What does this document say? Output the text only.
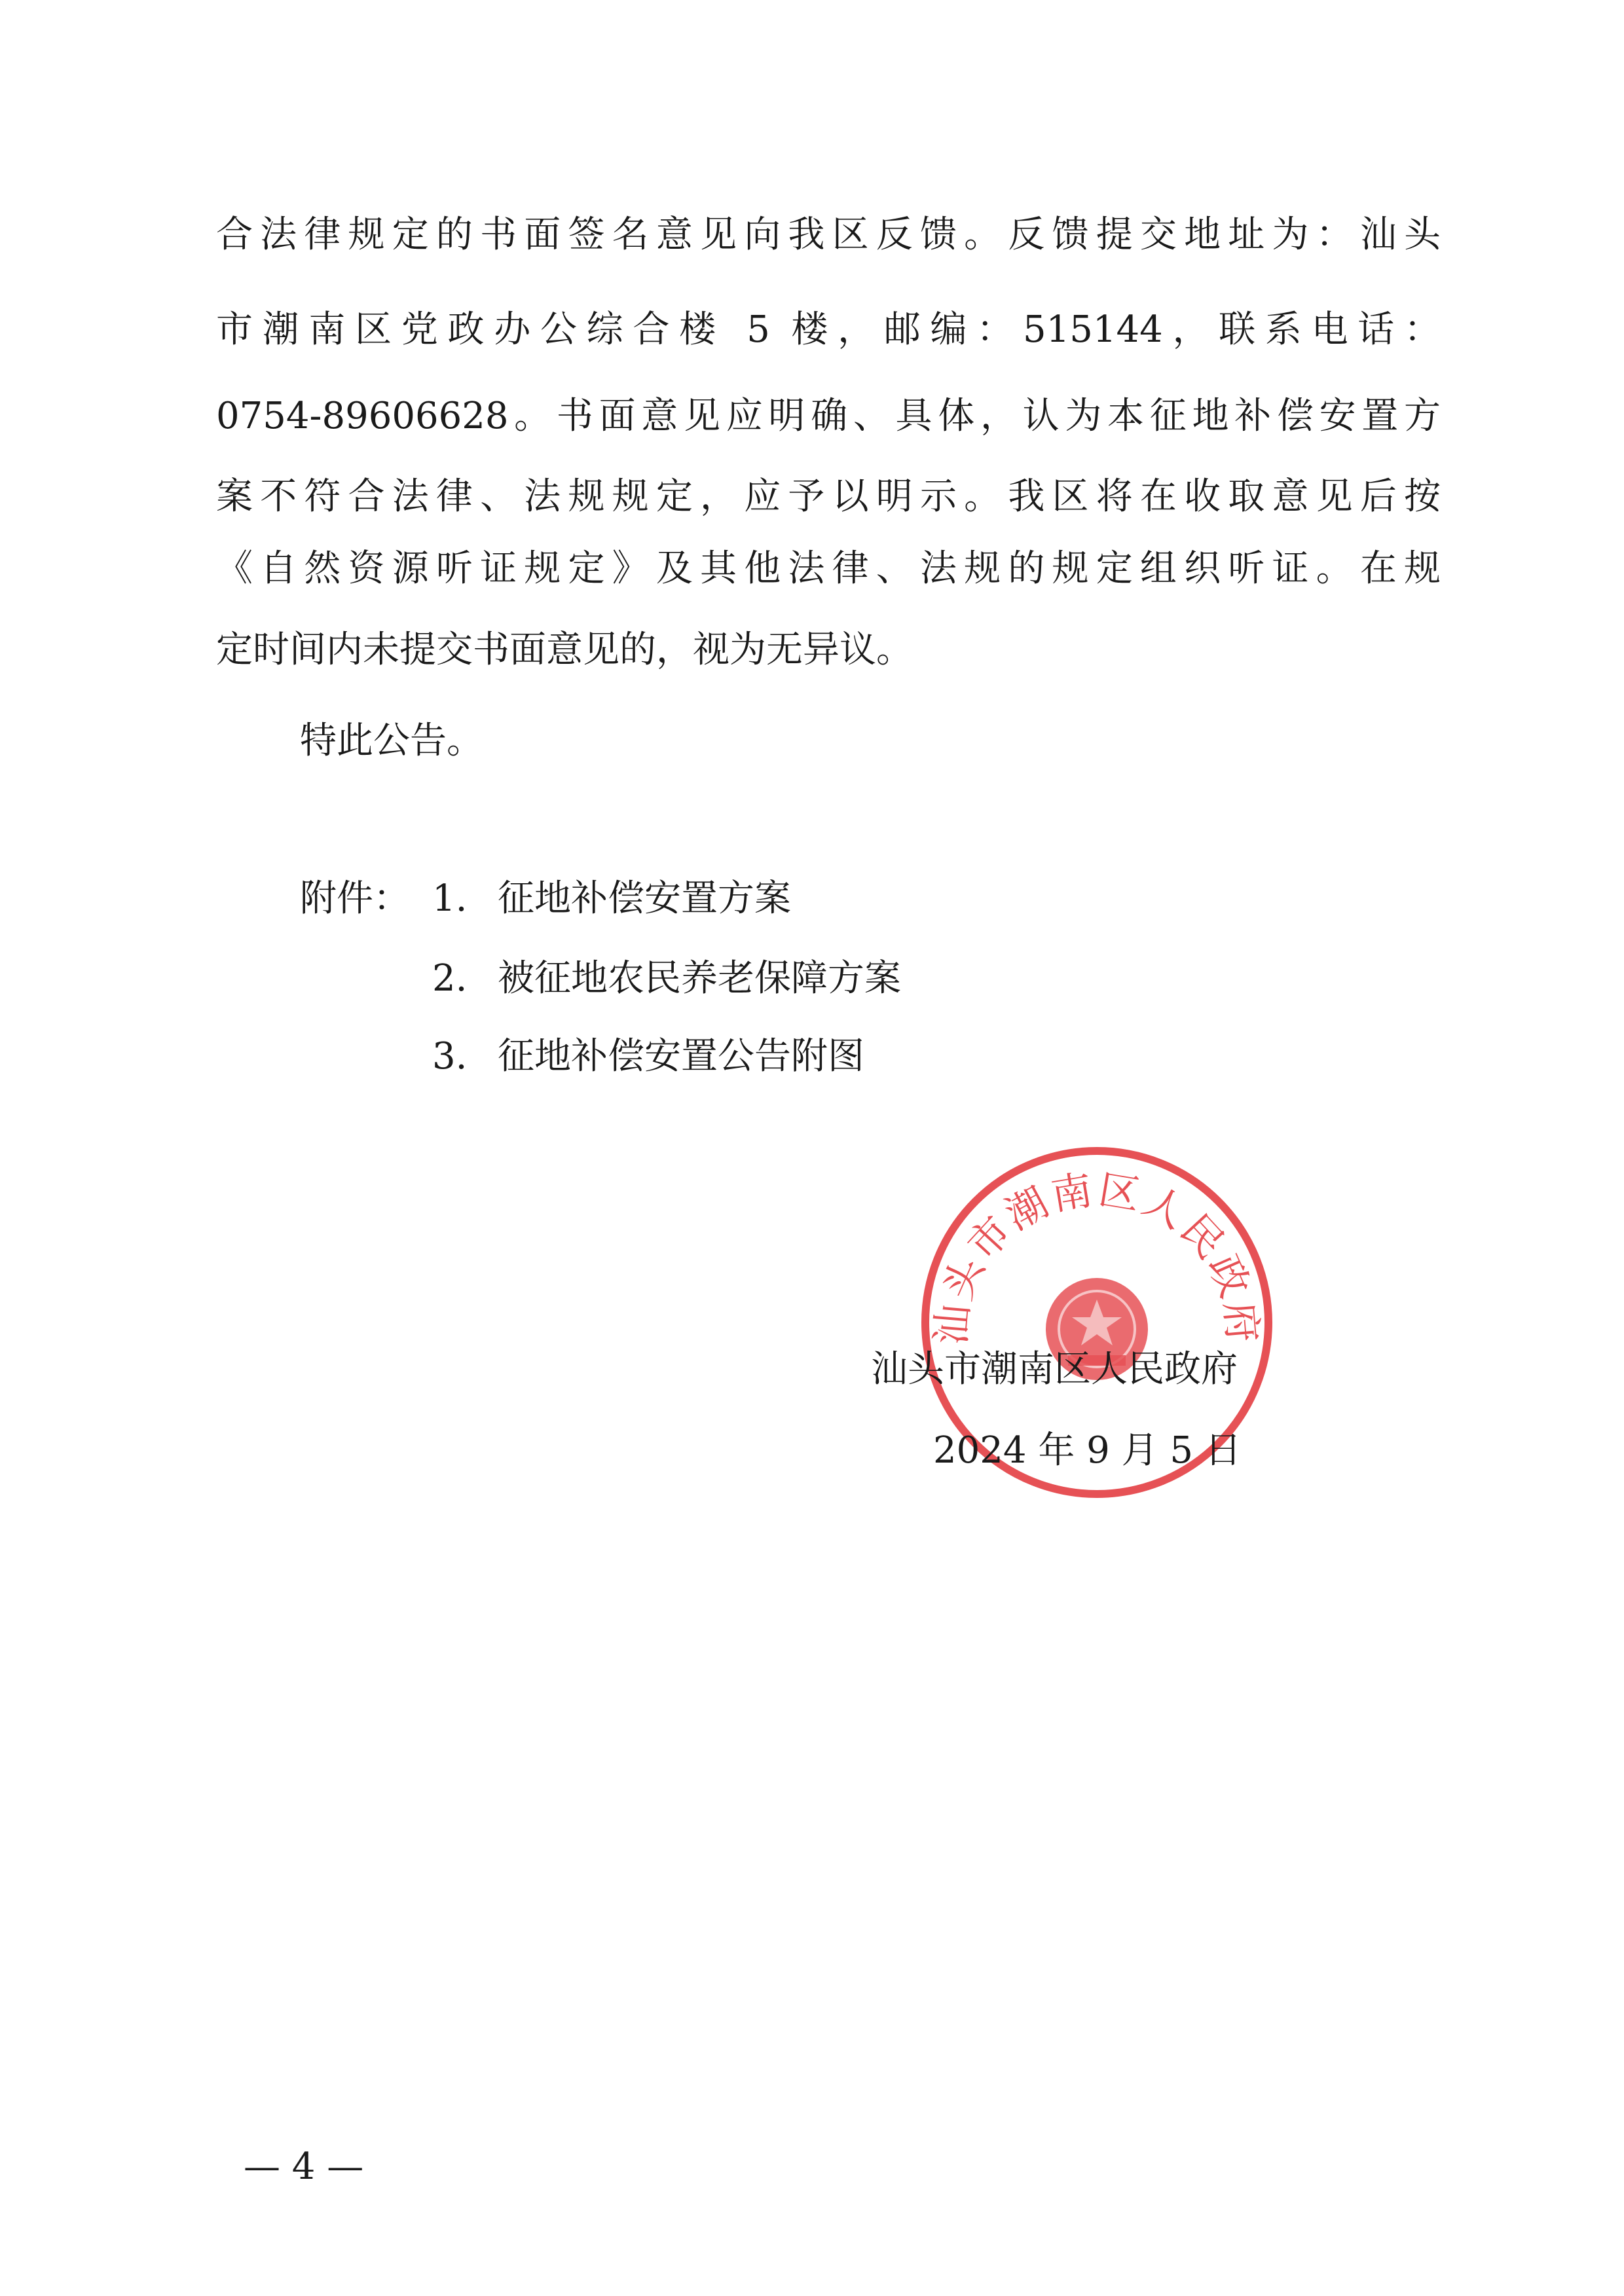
合法律规定的书面签名意见向我区反馈。反馈提交地址为：汕头
市潮南区党政办公综合楼 5 楼，邮编：515144，联系电话：
0754-89606628。书面意见应明确、具体，认为本征地补偿安置方
案不符合法律、法规规定，应予以明示。我区将在收取意见后按
《自然资源听证规定》及其他法律、法规的规定组织听证。在规
定时间内未提交书面意见的，视为无异议。
特此公告。
附件： 1. 征地补偿安置方案
2. 被征地农民养老保障方案
3. 征地补偿安置公告附图
汕头市潮南区人民政府
汕头市潮南区人民政府
2024 年 9 月 5 日
— 4 —
